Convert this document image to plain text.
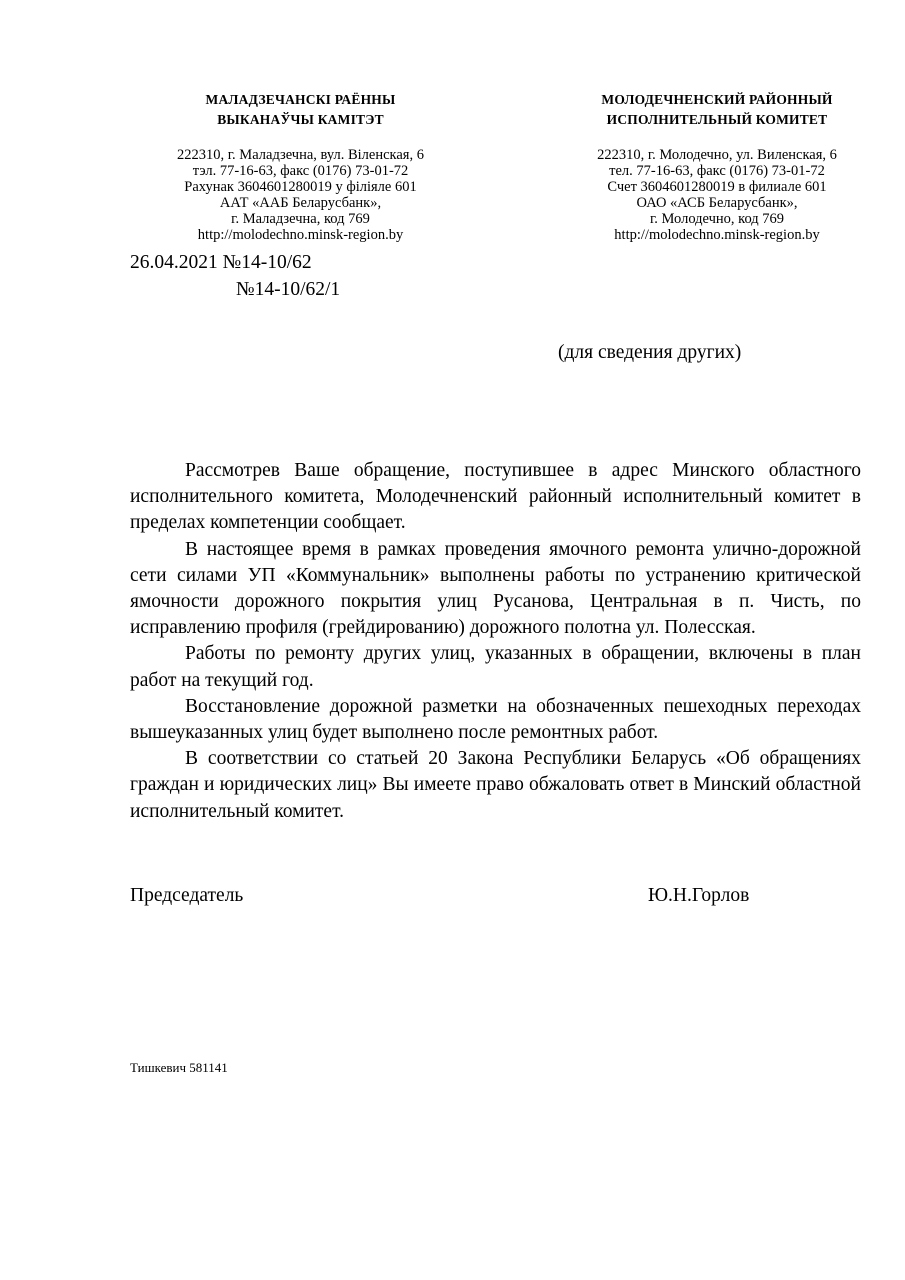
МАЛАДЗЕЧАНСКІ РАЁННЫ
ВЫКАНАЎЧЫ КАМІТЭТ
222310, г. Маладзечна, вул. Віленская, 6
тэл. 77-16-63, факс (0176) 73-01-72
Рахунак 3604601280019 у філіяле 601
ААТ «ААБ Беларусбанк»,
г. Маладзечна, код 769
http://molodechno.minsk-region.by
МОЛОДЕЧНЕНСКИЙ РАЙОННЫЙ
ИСПОЛНИТЕЛЬНЫЙ КОМИТЕТ
222310, г. Молодечно, ул. Виленская, 6
тел. 77-16-63, факс (0176) 73-01-72
Счет 3604601280019 в филиале 601
ОАО «АСБ Беларусбанк»,
г. Молодечно, код 769
http://molodechno.minsk-region.by
26.04.2021 №14-10/62
№14-10/62/1
(для сведения других)

Рассмотрев Ваше обращение, поступившее в адрес Минского областного исполнительного комитета, Молодечненский районный исполнительный комитет в пределах компетенции сообщает.

В настоящее время в рамках проведения ямочного ремонта улично-дорожной сети силами УП «Коммунальник» выполнены работы по устранению критической ямочности дорожного покрытия улиц Русанова, Центральная в п. Чисть, по исправлению профиля (грейдированию) дорожного полотна ул. Полесская.

Работы по ремонту других улиц, указанных в обращении, включены в план работ на текущий год.

Восстановление дорожной разметки на обозначенных пешеходных переходах вышеуказанных улиц будет выполнено после ремонтных работ.

В соответствии со статьей 20 Закона Республики Беларусь «Об обращениях граждан и юридических лиц» Вы имеете право обжаловать ответ в Минский областной исполнительный комитет.

Председатель	Ю.Н.Горлов
Тишкевич 581141
